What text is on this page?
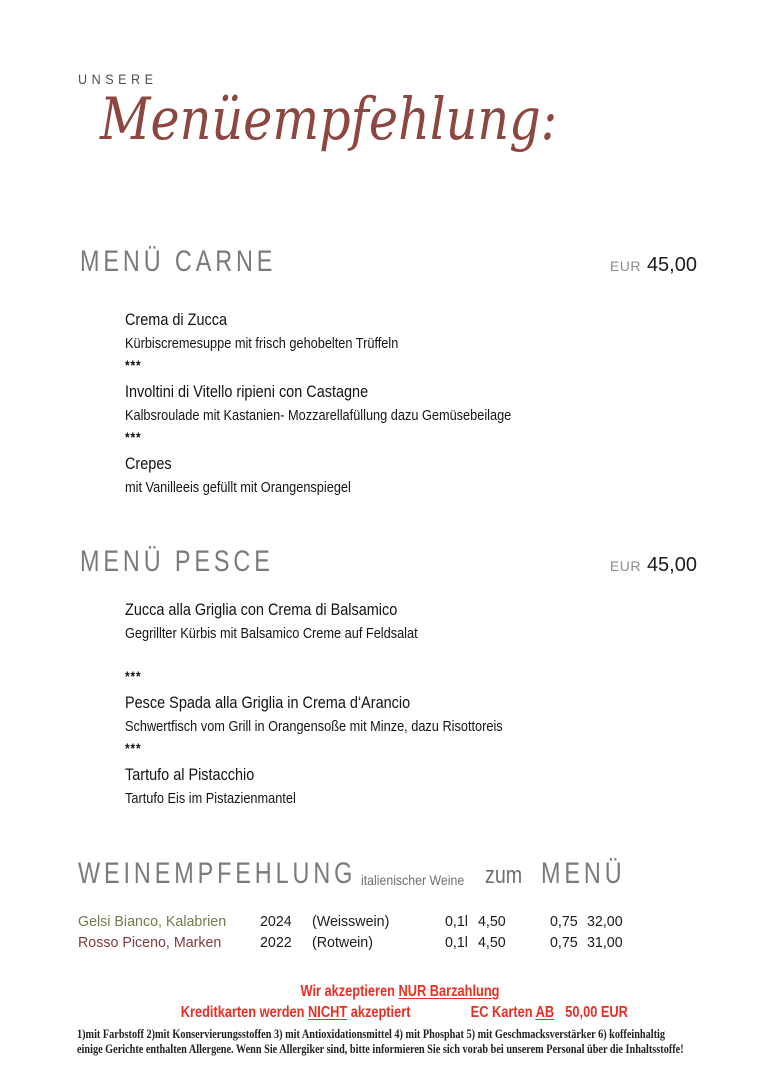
UNSERE
Menüempfehlung:
MENÜ CARNE	EUR 45,00
Crema di Zucca
Kürbiscremesuppe mit frisch gehobelten Trüffeln
***
Involtini di Vitello ripieni con Castagne
Kalbsroulade mit Kastanien- Mozzarellafüllung dazu Gemüsebeilage
***
Crepes
mit Vanilleeis gefüllt mit Orangenspiegel
MENÜ PESCE	EUR 45,00
Zucca alla Griglia con Crema di Balsamico
Gegrillter Kürbis mit Balsamico Creme auf Feldsalat
***
Pesce Spada alla Griglia in Crema d‘Arancio
Schwertfisch vom Grill in Orangensoße mit Minze, dazu Risottoreis
***
Tartufo al Pistacchio
Tartufo Eis im Pistazienmantel
WEINEMPFEHLUNG italienischer Weine zum MENÜ
Gelsi Bianco, Kalabrien	2024	(Weisswein)	0,1l 4,50	0,75 32,00
Rosso Piceno, Marken	2022	(Rotwein)	0,1l 4,50	0,75 31,00
Wir akzeptieren NUR Barzahlung
Kreditkarten werden NICHT akzeptiert	EC Karten AB 50,00 EUR
1)mit Farbstoff 2)mit Konservierungsstoffen 3) mit Antioxidationsmittel 4) mit Phosphat 5) mit Geschmacksverstärker 6) koffeinhaltig
einige Gerichte enthalten Allergene. Wenn Sie Allergiker sind, bitte informieren Sie sich vorab bei unserem Personal über die Inhaltsstoffe!
